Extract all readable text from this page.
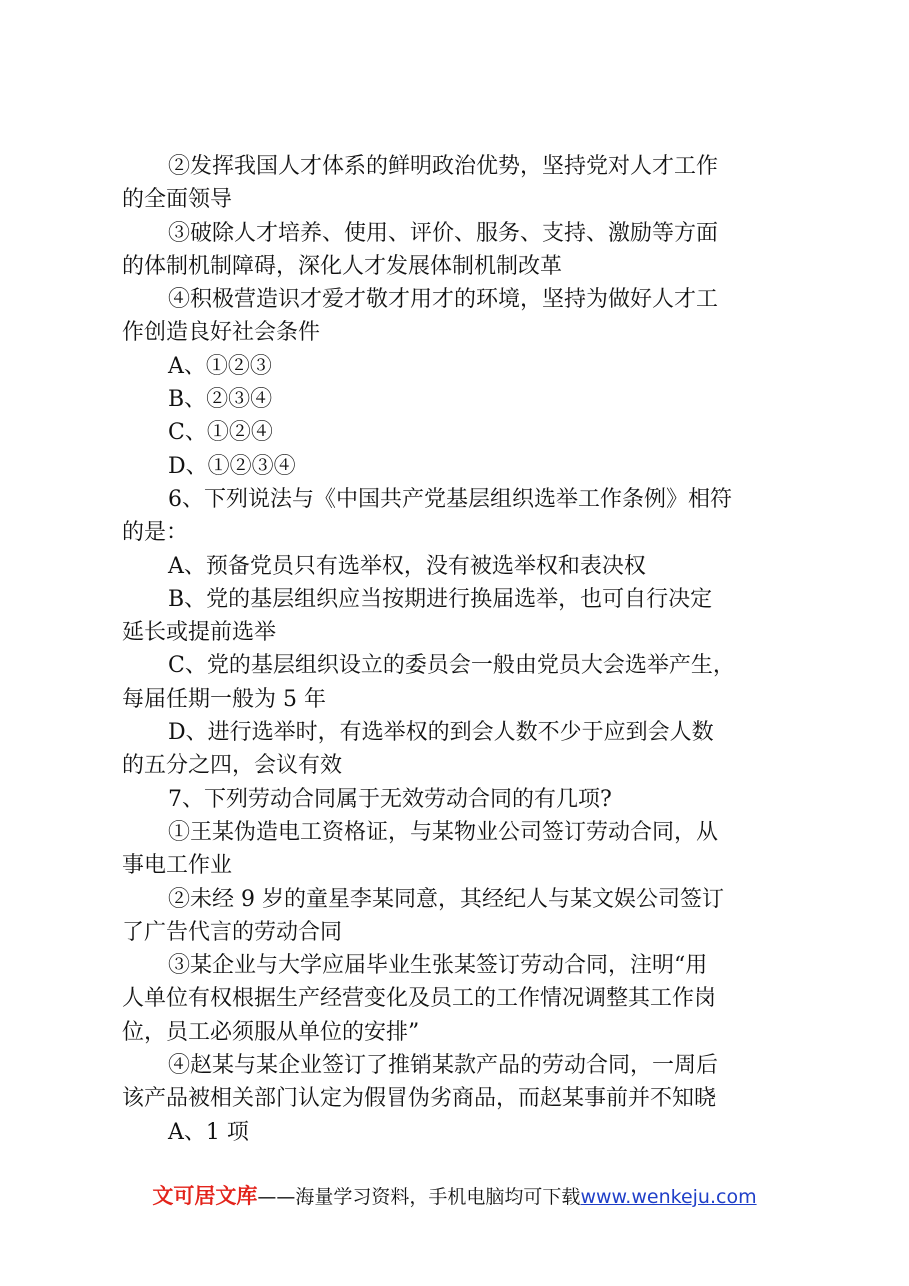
②发挥我国人才体系的鲜明政治优势，坚持党对人才工作
的全面领导
③破除人才培养、使用、评价、服务、支持、激励等方面
的体制机制障碍，深化人才发展体制机制改革
④积极营造识才爱才敬才用才的环境，坚持为做好人才工
作创造良好社会条件
A、①②③
B、②③④
C、①②④
D、①②③④
6、下列说法与《中国共产党基层组织选举工作条例》相符
的是：
A、预备党员只有选举权，没有被选举权和表决权
B、党的基层组织应当按期进行换届选举，也可自行决定
延长或提前选举
C、党的基层组织设立的委员会一般由党员大会选举产生，
每届任期一般为 5 年
D、进行选举时，有选举权的到会人数不少于应到会人数
的五分之四，会议有效
7、下列劳动合同属于无效劳动合同的有几项?
①王某伪造电工资格证，与某物业公司签订劳动合同，从
事电工作业
②未经 9 岁的童星李某同意，其经纪人与某文娱公司签订
了广告代言的劳动合同
③某企业与大学应届毕业生张某签订劳动合同，注明“用
人单位有权根据生产经营变化及员工的工作情况调整其工作岗
位，员工必须服从单位的安排”
④赵某与某企业签订了推销某款产品的劳动合同，一周后
该产品被相关部门认定为假冒伪劣商品，而赵某事前并不知晓
A、1 项
文可居文库——海量学习资料，手机电脑均可下载www.wenkeju.com
